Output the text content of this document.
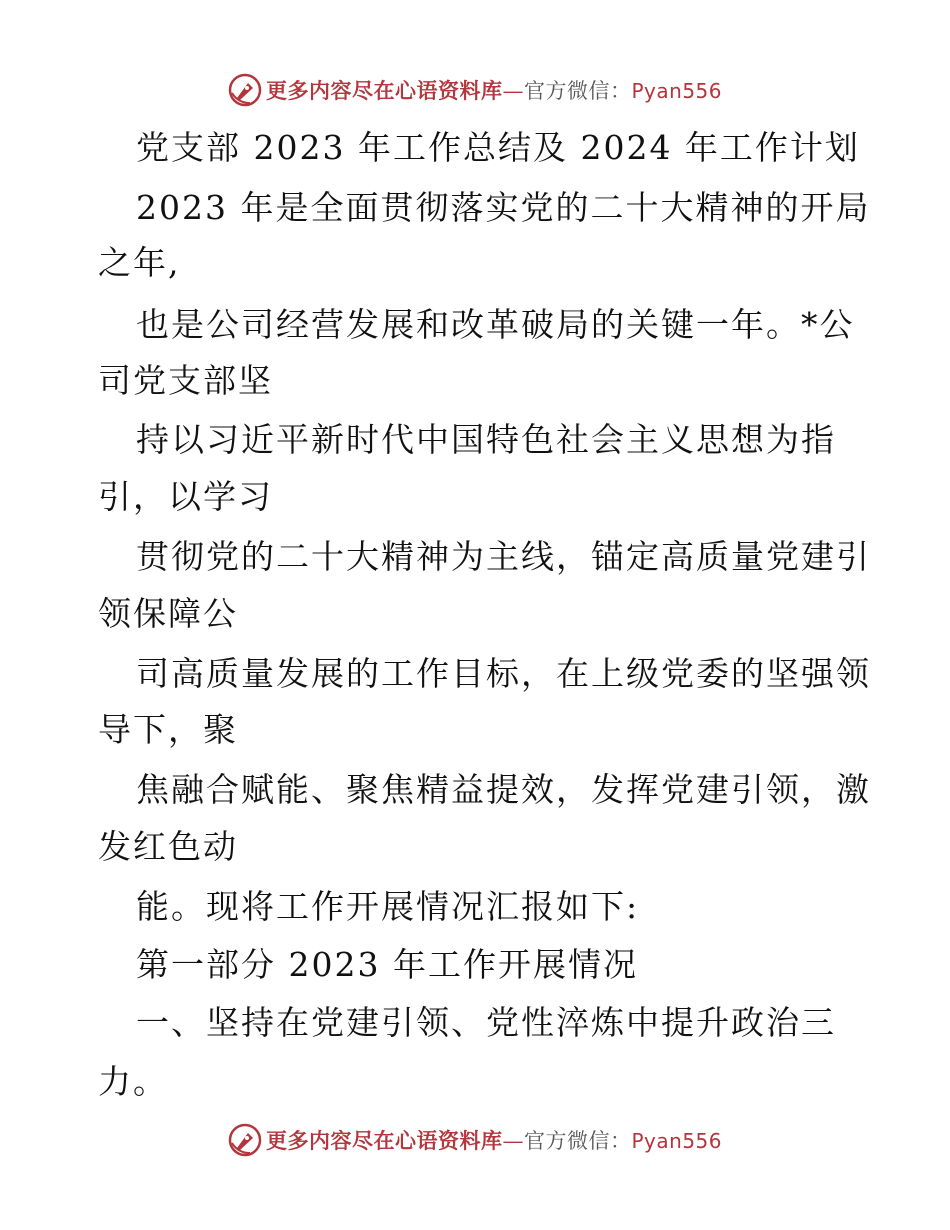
更多内容尽在心语资料库—官方微信：Pyan556
党支部 2023 年工作总结及 2024 年工作计划
2023 年是全面贯彻落实党的二十大精神的开局
之年,
也是公司经营发展和改革破局的关键一年。*公
司党支部坚
持以习近平新时代中国特色社会主义思想为指
引，以学习
贯彻党的二十大精神为主线，锚定高质量党建引
领保障公
司高质量发展的工作目标，在上级党委的坚强领
导下，聚
焦融合赋能、聚焦精益提效，发挥党建引领，激
发红色动
能。现将工作开展情况汇报如下:
第一部分 2023 年工作开展情况
一、坚持在党建引领、党性淬炼中提升政治三
力。
更多内容尽在心语资料库—官方微信：Pyan556
